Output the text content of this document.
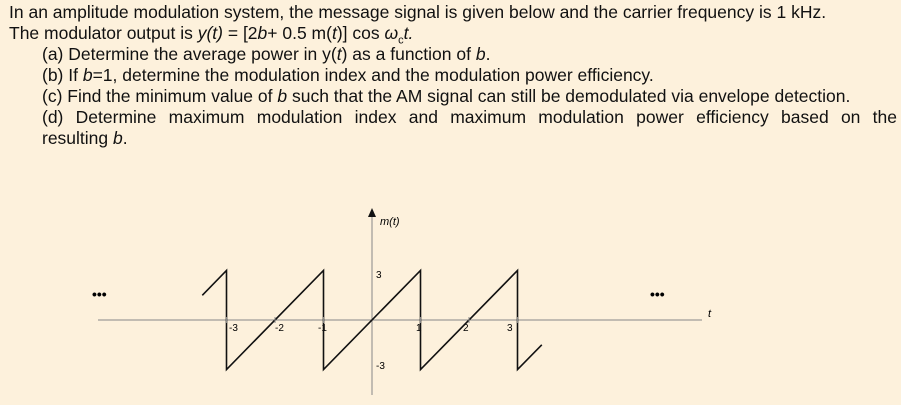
In an amplitude modulation system, the message signal is given below and the carrier frequency is 1 kHz.
The modulator output is y(t) = [2b+ 0.5 m(t)] $\cos \omega_ct$.

(a) Determine the average power in y(t) as a function of b.

(b) If b=1, determine the modulation index and the modulation power efficiency.

(c) Find the minimum value of b such that the AM signal can still be demodulated via envelope detection.

(d) Determine maximum modulation index and maximum modulation power efficiency based on the

resulting b.

m(t)
t
3
-3
-3	-2	-1	1	2	3
•••	•••
